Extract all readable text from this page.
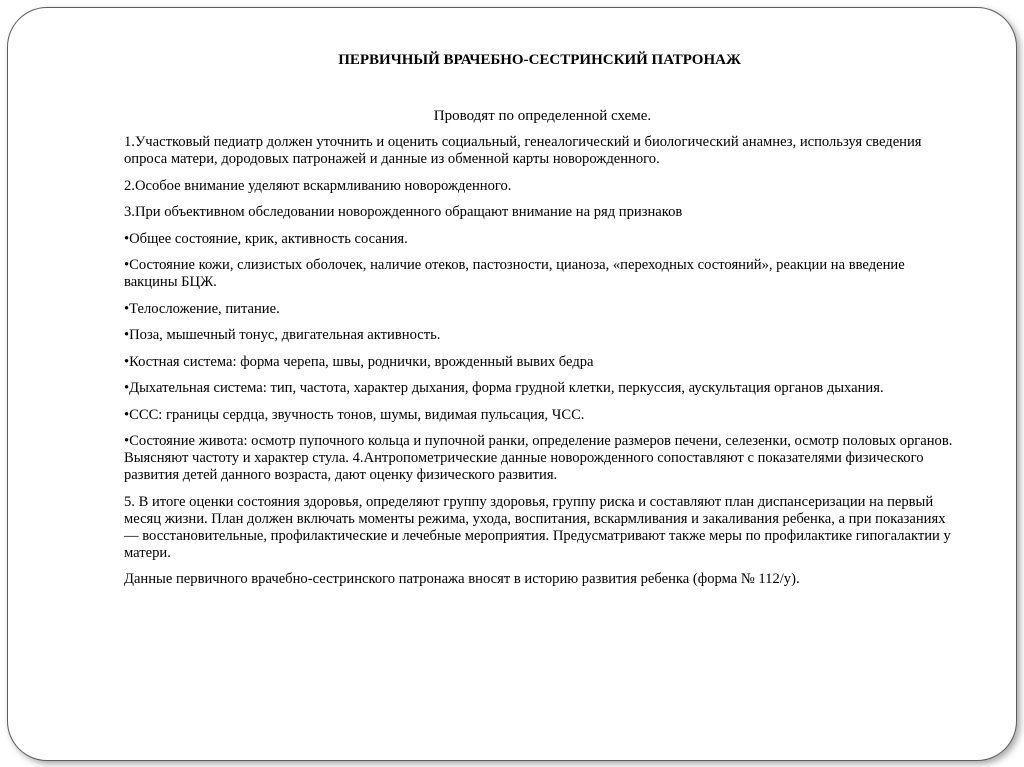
ПЕРВИЧНЫЙ ВРАЧЕБНО-СЕСТРИНСКИЙ ПАТРОНАЖ

Проводят по определенной схеме.

1.Участковый педиатр должен уточнить и оценить социальный, генеалогический и биологический анамнез, используя сведения опроса матери, дородовых патронажей и данные из обменной карты новорожденного.

2.Особое внимание уделяют вскармливанию новорожденного.

3.При объективном обследовании новорожденного обращают внимание на ряд признаков

•Общее состояние, крик, активность сосания.

•Состояние кожи, слизистых оболочек, наличие отеков, пастозности, цианоза, «переходных состояний», реакции на введение вакцины БЦЖ.

•Телосложение, питание.

•Поза, мышечный тонус, двигательная активность.

•Костная система: форма черепа, швы, роднички, врожденный вывих бедра

•Дыхательная система: тип, частота, характер дыхания, форма грудной клетки, перкуссия, аускультация органов дыхания.

•ССС: границы сердца, звучность тонов, шумы, видимая пульсация, ЧСС.

•Состояние живота: осмотр пупочного кольца и пупочной ранки, определение размеров печени, селезенки, осмотр половых органов. Выясняют частоту и характер стула. 4.Антропометрические данные новорожденного сопоставляют с показателями физического развития детей данного возраста, дают оценку физического развития.

5. В итоге оценки состояния здоровья, определяют группу здоровья, группу риска и составляют план диспансеризации на первый месяц жизни. План должен включать моменты режима, ухода, воспитания, вскармливания и закаливания ребенка, а при показаниях — восстановительные, профилактические и лечебные мероприятия. Предусматривают также меры по профилактике гипогалактии у матери.

Данные первичного врачебно-сестринского патронажа вносят в историю развития ребенка (форма № 112/у).
